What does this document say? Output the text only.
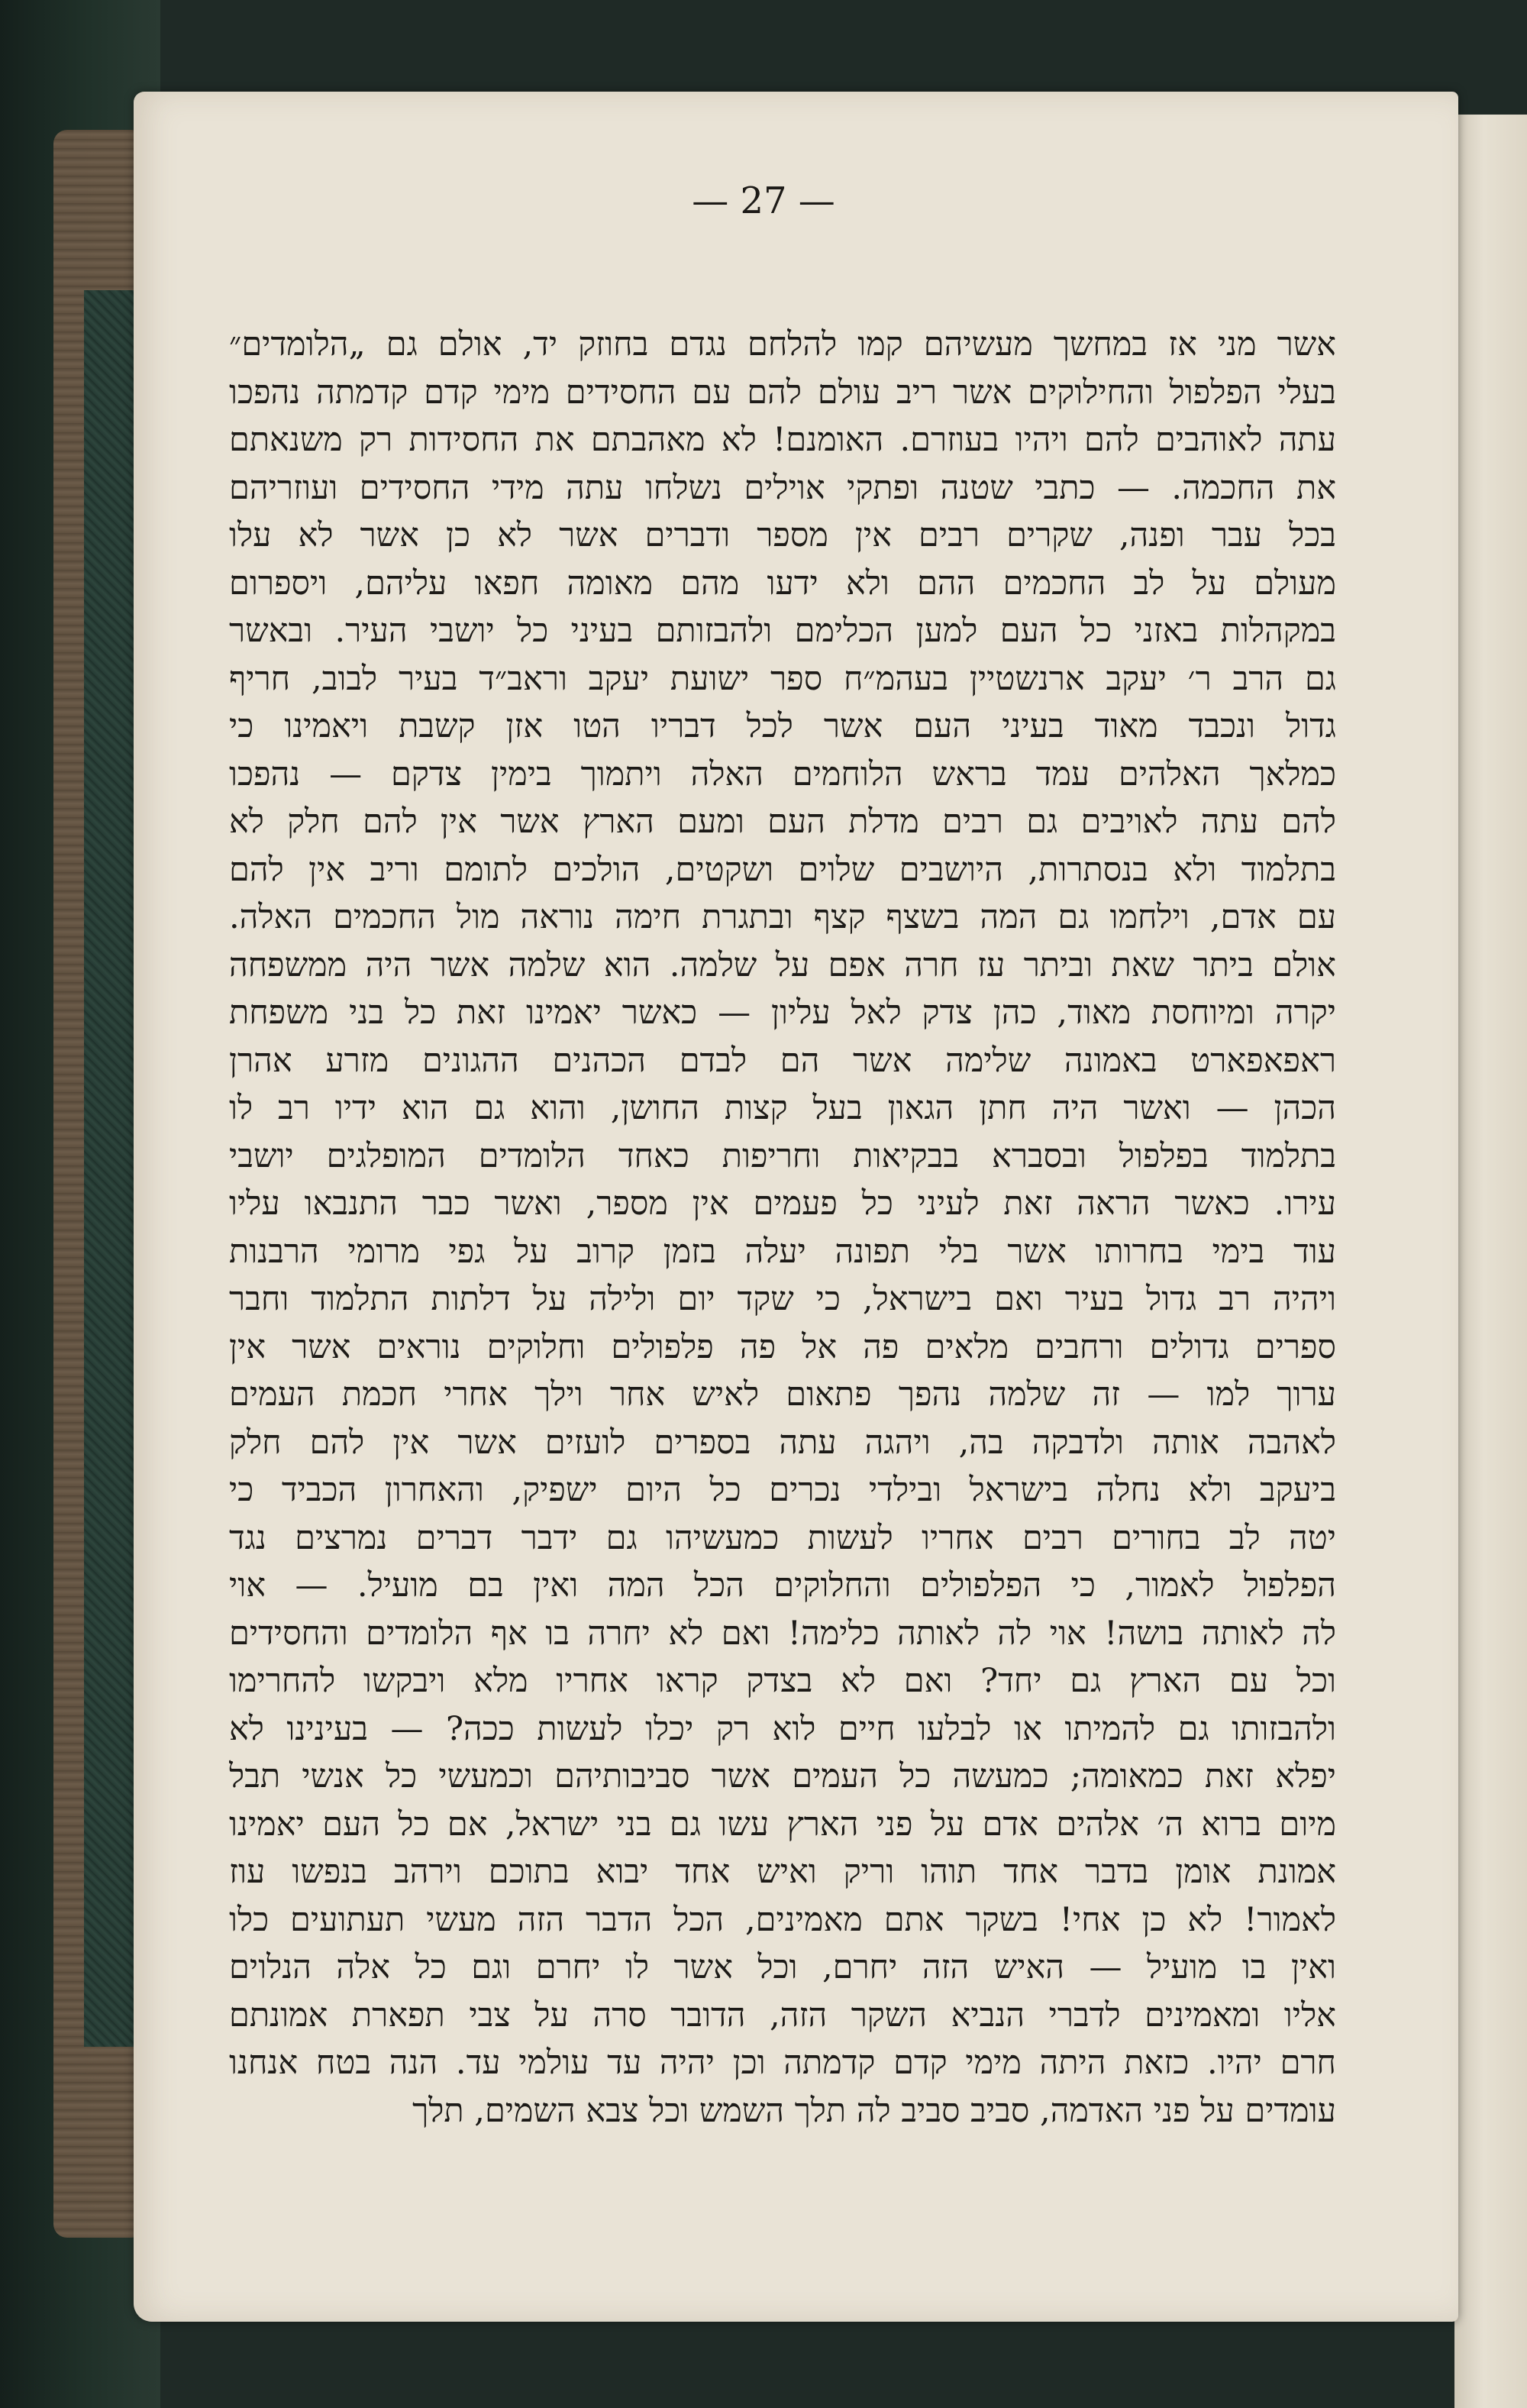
— 27 —
אשר מני אז במחשך מעשיהם קמו להלחם נגדם בחוזק יד, אולם גם „הלומדים״
בעלי הפלפול והחילוקים אשר ריב עולם להם עם החסידים מימי קדם קדמתה נהפכו
עתה לאוהבים להם ויהיו בעוזרם. האומנם! לא מאהבתם את החסידות רק משנאתם
את החכמה. — כתבי שטנה ופתקי אוילים נשלחו עתה מידי החסידים ועוזריהם
בכל עבר ופנה, שקרים רבים אין מספר ודברים אשר לא כן אשר לא עלו
מעולם על לב החכמים ההם ולא ידעו מהם מאומה חפאו עליהם, ויספרום
במקהלות באזני כל העם למען הכלימם ולהבזותם בעיני כל יושבי העיר. ובאשר
גם הרב ר׳ יעקב ארנשטיין בעהמ״ח ספר ישועת יעקב וראב״ד בעיר לבוב, חריף
גדול ונכבד מאוד בעיני העם אשר לכל דבריו הטו אזן קשבת ויאמינו כי
כמלאך האלהים עמד בראש הלוחמים האלה ויתמוך בימין צדקם — נהפכו
להם עתה לאויבים גם רבים מדלת העם ומעם הארץ אשר אין להם חלק לא
בתלמוד ולא בנסתרות, היושבים שלוים ושקטים, הולכים לתומם וריב אין להם
עם אדם, וילחמו גם המה בשצף קצף ובתגרת חימה נוראה מול החכמים האלה.
אולם ביתר שאת וביתר עז חרה אפם על שלמה. הוא שלמה אשר היה ממשפחה
יקרה ומיוחסת מאוד, כהן צדק לאל עליון — כאשר יאמינו זאת כל בני משפחת
ראפאפארט באמונה שלימה אשר הם לבדם הכהנים ההגונים מזרע אהרן
הכהן — ואשר היה חתן הגאון בעל קצות החושן, והוא גם הוא ידיו רב לו
בתלמוד בפלפול ובסברא בבקיאות וחריפות כאחד הלומדים המופלגים יושבי
עירו. כאשר הראה זאת לעיני כל פעמים אין מספר, ואשר כבר התנבאו עליו
עוד בימי בחרותו אשר בלי תפונה יעלה בזמן קרוב על גפי מרומי הרבנות
ויהיה רב גדול בעיר ואם בישראל, כי שקד יום ולילה על דלתות התלמוד וחבר
ספרים גדולים ורחבים מלאים פה אל פה פלפולים וחלוקים נוראים אשר אין
ערוך למו — זה שלמה נהפך פתאום לאיש אחר וילך אחרי חכמת העמים
לאהבה אותה ולדבקה בה, ויהגה עתה בספרים לועזים אשר אין להם חלק
ביעקב ולא נחלה בישראל ובילדי נכרים כל היום ישפיק, והאחרון הכביד כי
יטה לב בחורים רבים אחריו לעשות כמעשיהו גם ידבר דברים נמרצים נגד
הפלפול לאמור, כי הפלפולים והחלוקים הכל המה ואין בם מועיל. — אוי
לה לאותה בושה! אוי לה לאותה כלימה! ואם לא יחרה בו אף הלומדים והחסידים
וכל עם הארץ גם יחד? ואם לא בצדק קראו אחריו מלא ויבקשו להחרימו
ולהבזותו גם להמיתו או לבלעו חיים לוא רק יכלו לעשות ככה? — בעינינו לא
יפלא זאת כמאומה; כמעשה כל העמים אשר סביבותיהם וכמעשי כל אנשי תבל
מיום ברוא ה׳ אלהים אדם על פני הארץ עשו גם בני ישראל, אם כל העם יאמינו
אמונת אומן בדבר אחד תוהו וריק ואיש אחד יבוא בתוכם וירהב בנפשו עוז
לאמור! לא כן אחי! בשקר אתם מאמינים, הכל הדבר הזה מעשי תעתועים כלו
ואין בו מועיל — האיש הזה יחרם, וכל אשר לו יחרם וגם כל אלה הנלוים
אליו ומאמינים לדברי הנביא השקר הזה, הדובר סרה על צבי תפארת אמונתם
חרם יהיו. כזאת היתה מימי קדם קדמתה וכן יהיה עד עולמי עד. הנה בטח אנחנו
עומדים על פני האדמה, סביב סביב לה תלך השמש וכל צבא השמים, תלך
